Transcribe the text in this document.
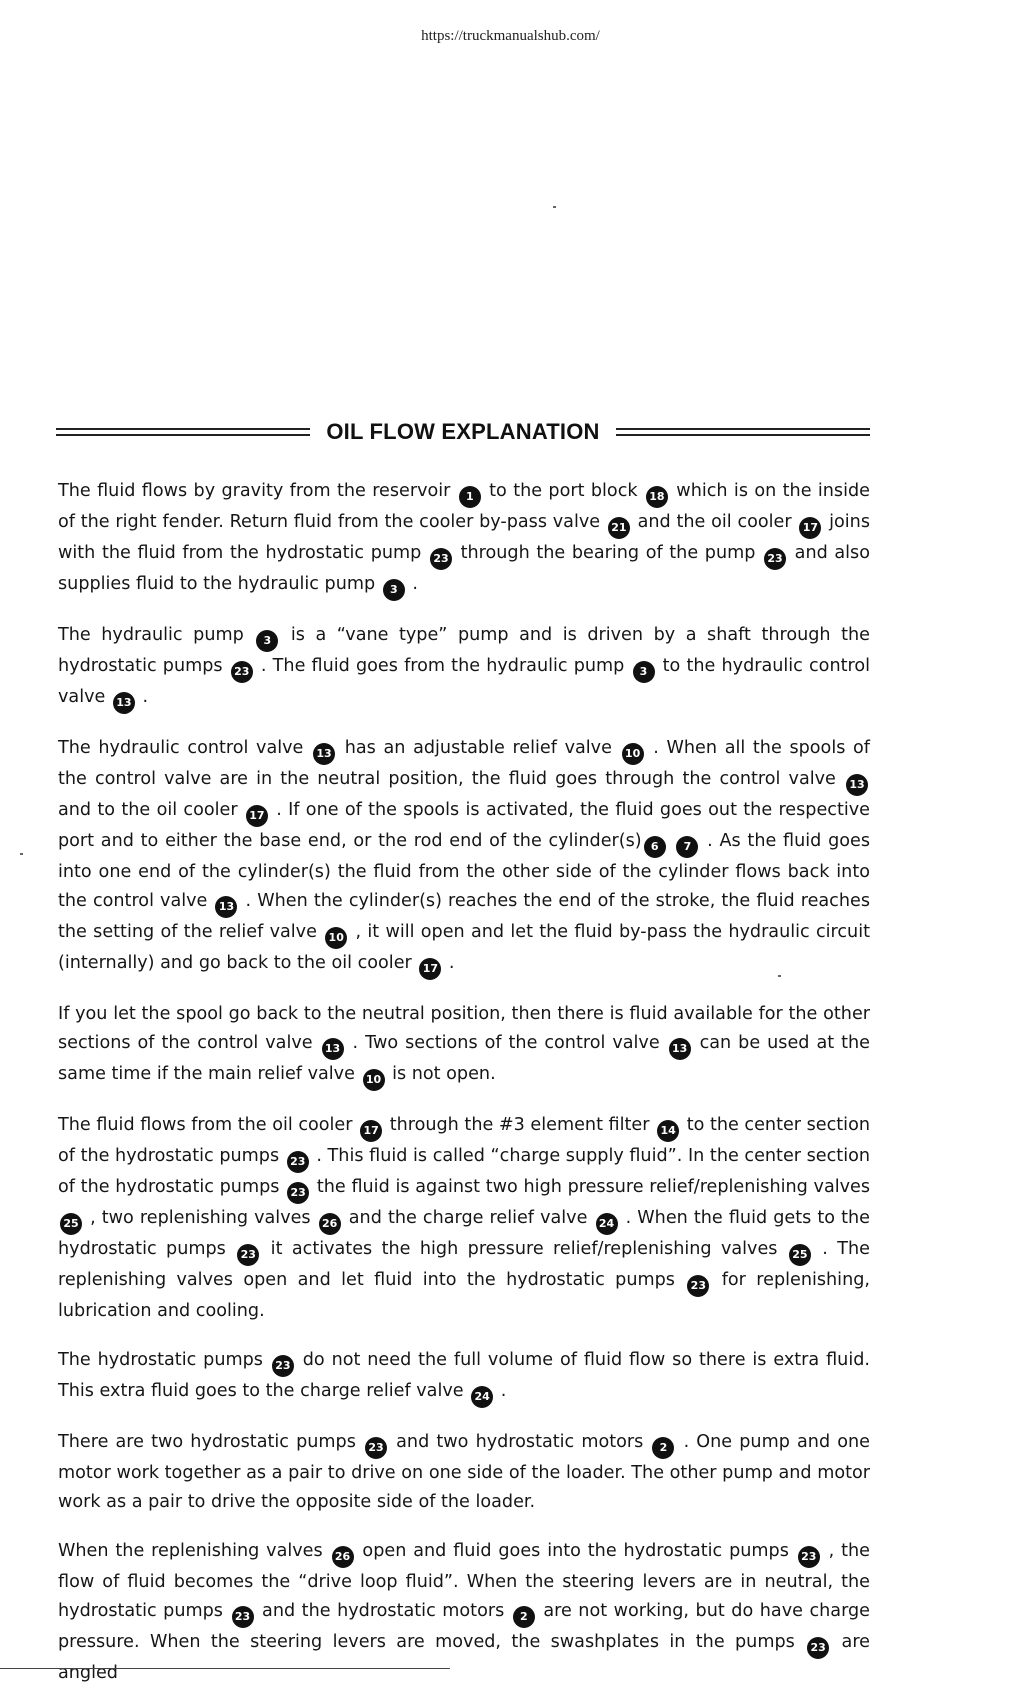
https://truckmanualshub.com/
OIL FLOW EXPLANATION

The fluid flows by gravity from the reservoir 1 to the port block 18 which is on the inside of the right fender. Return fluid from the cooler by-pass valve 21 and the oil cooler 17 joins with the fluid from the hydrostatic pump 23 through the bearing of the pump 23 and also supplies fluid to the hydraulic pump 3 .

The hydraulic pump 3 is a “vane type” pump and is driven by a shaft through the hydrostatic pumps 23 . The fluid goes from the hydraulic pump 3 to the hydraulic control valve 13 .

The hydraulic control valve 13 has an adjustable relief valve 10 . When all the spools of the control valve are in the neutral position, the fluid goes through the control valve 13 and to the oil cooler 17 . If one of the spools is activated, the fluid goes out the respective port and to either the base end, or the rod end of the cylinder(s) 6 7 . As the fluid goes into one end of the cylinder(s) the fluid from the other side of the cylinder flows back into the control valve 13 . When the cylinder(s) reaches the end of the stroke, the fluid reaches the setting of the relief valve 10 , it will open and let the fluid by-pass the hydraulic circuit (internally) and go back to the oil cooler 17 .

If you let the spool go back to the neutral position, then there is fluid available for the other sections of the control valve 13 . Two sections of the control valve 13 can be used at the same time if the main relief valve 10 is not open.

The fluid flows from the oil cooler 17 through the #3 element filter 14 to the center section of the hydrostatic pumps 23 . This fluid is called “charge supply fluid”. In the center section of the hydrostatic pumps 23 the fluid is against two high pressure relief/replenishing valves 25 , two replenishing valves 26 and the charge relief valve 24 . When the fluid gets to the hydrostatic pumps 23 it activates the high pressure relief/replenishing valves 25 . The replenishing valves open and let fluid into the hydrostatic pumps 23 for replenishing, lubrication and cooling.

The hydrostatic pumps 23 do not need the full volume of fluid flow so there is extra fluid. This extra fluid goes to the charge relief valve 24 .

There are two hydrostatic pumps 23 and two hydrostatic motors 2 . One pump and one motor work together as a pair to drive on one side of the loader. The other pump and motor work as a pair to drive the opposite side of the loader.

When the replenishing valves 26 open and fluid goes into the hydrostatic pumps 23 , the flow of fluid becomes the “drive loop fluid”. When the steering levers are in neutral, the hydrostatic pumps 23 and the hydrostatic motors 2 are not working, but do have charge pressure. When the steering levers are moved, the swashplates in the pumps 23 are angled
